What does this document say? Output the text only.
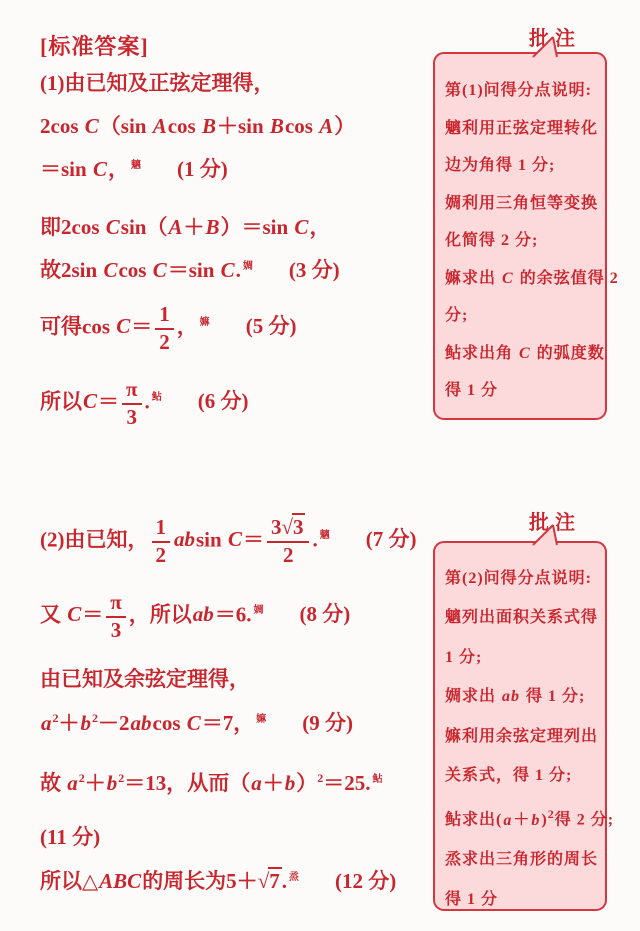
[标准答案]
(1)由已知及正弦定理得，
2cos C（sin Acos B＋sin Bcos A）
＝sin C， $^魑$ (1 分)
即2cos Csin（A＋B）＝sin C，
故2sin Ccos C＝sin C. $^婤$ (3 分)
可得$\cos C= \frac{1}{2}$ ， $^嫲$ (5 分)
所以$C= \frac{\pi}{3}$ . $^鲇$ (6 分)
(2)由已知， $\frac{1}{2}$ absin $C= \frac{3√3}{2}$ . $^魑$ (7 分)
又 $C= \frac{\pi}{3}$ ，所以ab＝6. $^婤$ (8 分)
由已知及余弦定理得，
$a^2+b^2-2abcos$ C＝7， $^嫲$ (9 分)
故 $a^2+b^2=13$，从而$(a+b)^2=25$. $^鲇$
(11 分)
所以△ABC的周长为5＋√7. $^烝$ (12 分)
批注
第(1)问得分点说明:
魑利用正弦定理转化
边为角得 1 分;
婤利用三角恒等变换
化简得 2 分;
嫲求出 C 的余弦值得 2
分;
鲇求出角 C 的弧度数
得 1 分
批注
第(2)问得分点说明:
魑列出面积关系式得
1 分;
婤求出 ab 得 1 分;
嫲利用余弦定理列出
关系式，得 1 分;
鲇求出$(a+b)^2$得 2 分;
烝求出三角形的周长
得 1 分
